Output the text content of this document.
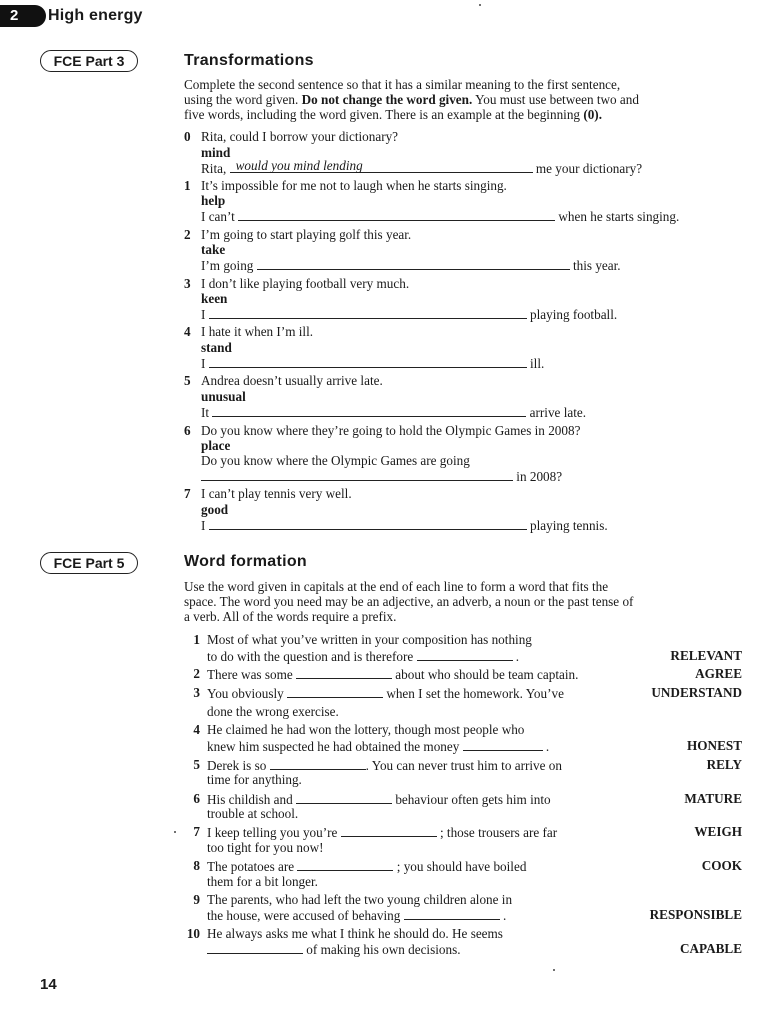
2	High energy
FCE Part 3	Transformations
Complete the second sentence so that it has a similar meaning to the first sentence,
using the word given. Do not change the word given. You must use between two and
five words, including the word given. There is an example at the beginning (0).
0 Rita, could I borrow your dictionary?
mind
Rita, would you mind lending	me your dictionary?
1 It’s impossible for me not to laugh when he starts singing.
help
I can’t	when he starts singing.
2 I’m going to start playing golf this year.
take
I’m going	this year.
3 I don’t like playing football very much.
keen
I	playing football.
4 I hate it when I’m ill.
stand
I	ill.
5 Andrea doesn’t usually arrive late.
unusual
It	arrive late.
6 Do you know where they’re going to hold the Olympic Games in 2008?
place
Do you know where the Olympic Games are going
in 2008?
7 I can’t play tennis very well.
good
I	playing tennis.
FCE Part 5	Word formation
Use the word given in capitals at the end of each line to form a word that fits the
space. The word you need may be an adjective, an adverb, a noun or the past tense of
a verb. All of the words require a prefix.
1 Most of what you’ve written in your composition has nothing
to do with the question and is therefore	.	RELEVANT
2 There was some	about who should be team captain.	AGREE
3 You obviously	when I set the homework. You’ve
done the wrong exercise.
UNDERSTAND
4 He claimed he had won the lottery, though most people who
knew him suspected he had obtained the money	.	HONEST
5 Derek is so	. You can never trust him to arrive on
time for anything.
RELY
6 His childish and	behaviour often gets him into
trouble at school.
MATURE
7 I keep telling you you’re	; those trousers are far
too tight for you now!
WEIGH
8 The potatoes are	; you should have boiled
them for a bit longer.
COOK
9 The parents, who had left the two young children alone in
the house, were accused of behaving	.	RESPONSIBLE
10 He always asks me what I think he should do. He seems
of making his own decisions.	CAPABLE
14
